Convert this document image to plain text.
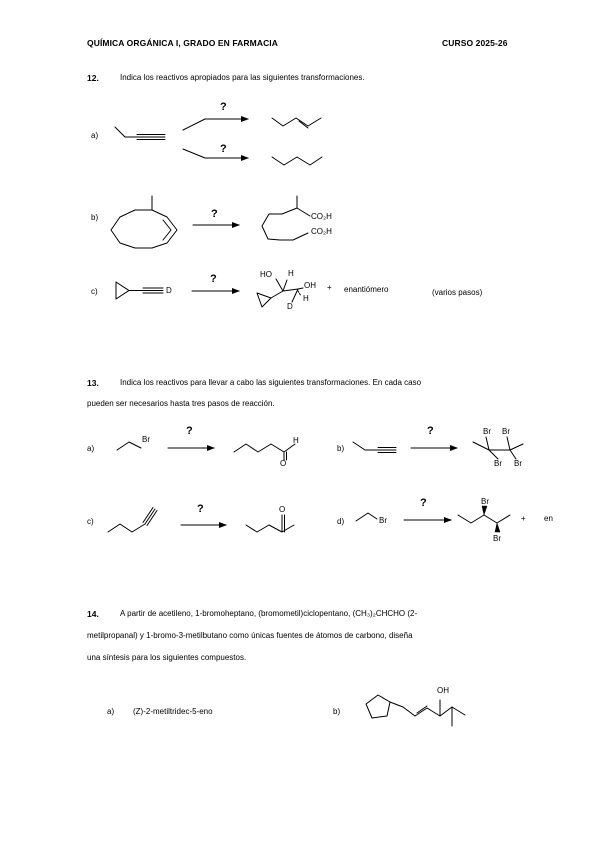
QUÍMICA ORGÁNICA I, GRADO EN FARMACIA	CURSO 2025-26
12.	Indica los reactivos apropiados para las siguientes transformaciones.
a)
b)
c)
?
?
?
?
CO₂H
CO₂H
D
HO H
OH
H
D
+ enantiómero	(varios pasos)
13.	Indica los reactivos para llevar a cabo las siguientes transformaciones. En cada caso
pueden ser necesarios hasta tres pasos de reacción.
a)	b)
c)	d)
?	?
?	?
Br	H
O
Br Br
Br Br
O
Br
Br
Br
+ en
14.	A partir de acetileno, 1-bromoheptano, (bromometil)ciclopentano, (CH₃)₂CHCHO (2-
metilpropanal) y 1-bromo-3-metilbutano como únicas fuentes de átomos de carbono, diseña
una síntesis para los siguientes compuestos.
a) (Z)-2-metiltridec-5-eno	b)
OH
